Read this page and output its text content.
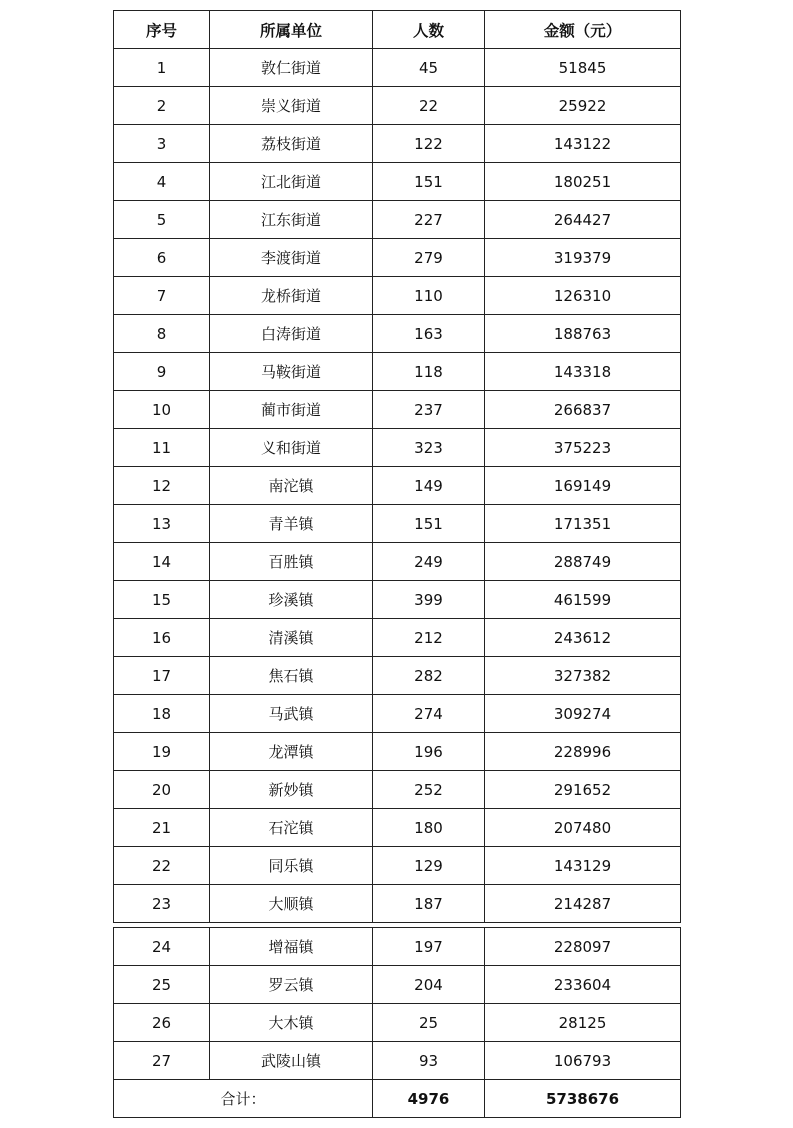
序号	所属单位	人数	金额（元）
1	敦仁街道	45	51845
2	崇义街道	22	25922
3	荔枝街道	122	143122
4	江北街道	151	180251
5	江东街道	227	264427
6	李渡街道	279	319379
7	龙桥街道	110	126310
8	白涛街道	163	188763
9	马鞍街道	118	143318
10	蔺市街道	237	266837
11	义和街道	323	375223
12	南沱镇	149	169149
13	青羊镇	151	171351
14	百胜镇	249	288749
15	珍溪镇	399	461599
16	清溪镇	212	243612
17	焦石镇	282	327382
18	马武镇	274	309274
19	龙潭镇	196	228996
20	新妙镇	252	291652
21	石沱镇	180	207480
22	同乐镇	129	143129
23	大顺镇	187	214287
24	增福镇	197	228097
25	罗云镇	204	233604
26	大木镇	25	28125
27	武陵山镇	93	106793
合计：		4976	5738676
